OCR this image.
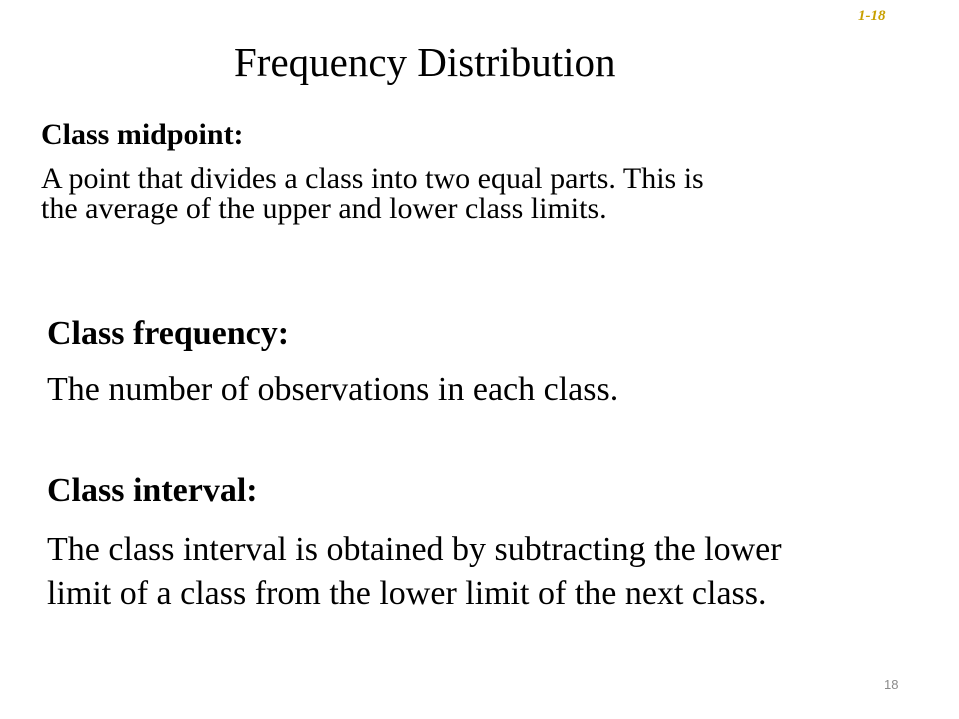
1-18
Frequency Distribution
Class midpoint:
A point that divides a class into two equal parts. This is
the average of the upper and lower class limits.
Class frequency:
The number of observations in each class.
Class interval:
The class interval is obtained by subtracting the lower
limit of a class from the lower limit of the next class.
18
